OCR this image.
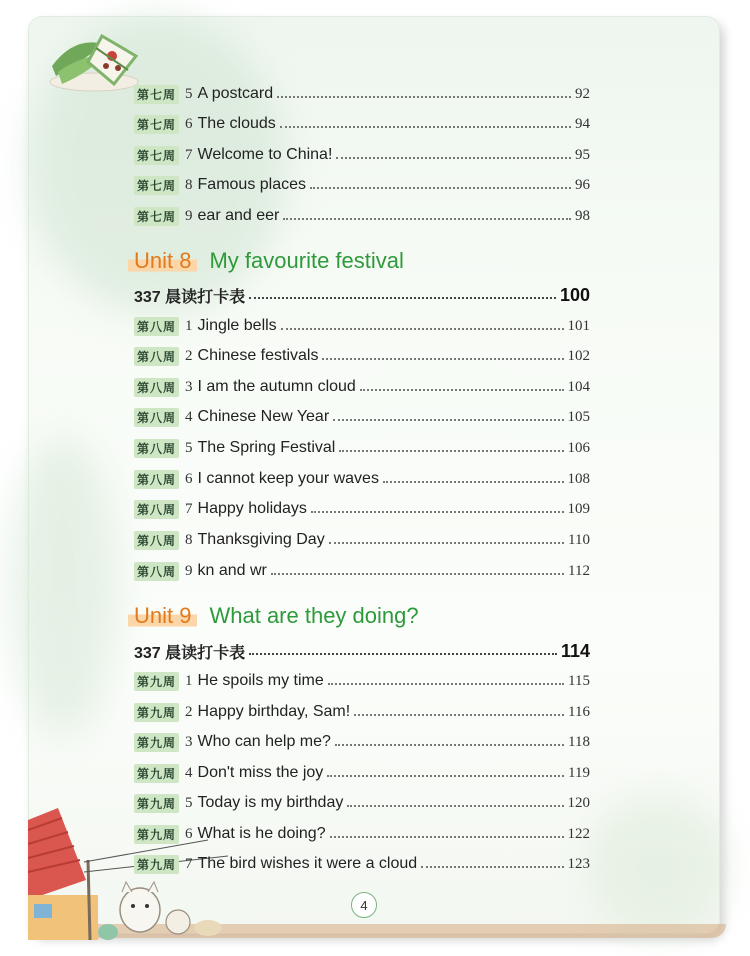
第七周 5 A postcard	92
第七周 6 The clouds	94
第七周 7 Welcome to China!	95
第七周 8 Famous places	96
第七周 9 ear and eer	98
Unit 8 My favourite festival
337 晨读打卡表	100
第八周 1 Jingle bells	101
第八周 2 Chinese festivals	102
第八周 3 I am the autumn cloud	104
第八周 4 Chinese New Year	105
第八周 5 The Spring Festival	106
第八周 6 I cannot keep your waves	108
第八周 7 Happy holidays	109
第八周 8 Thanksgiving Day	110
第八周 9 kn and wr	112
Unit 9 What are they doing?
337 晨读打卡表	114
第九周 1 He spoils my time	115
第九周 2 Happy birthday, Sam!	116
第九周 3 Who can help me?	118
第九周 4 Don't miss the joy	119
第九周 5 Today is my birthday	120
第九周 6 What is he doing?	122
第九周 7 The bird wishes it were a cloud	123
4
